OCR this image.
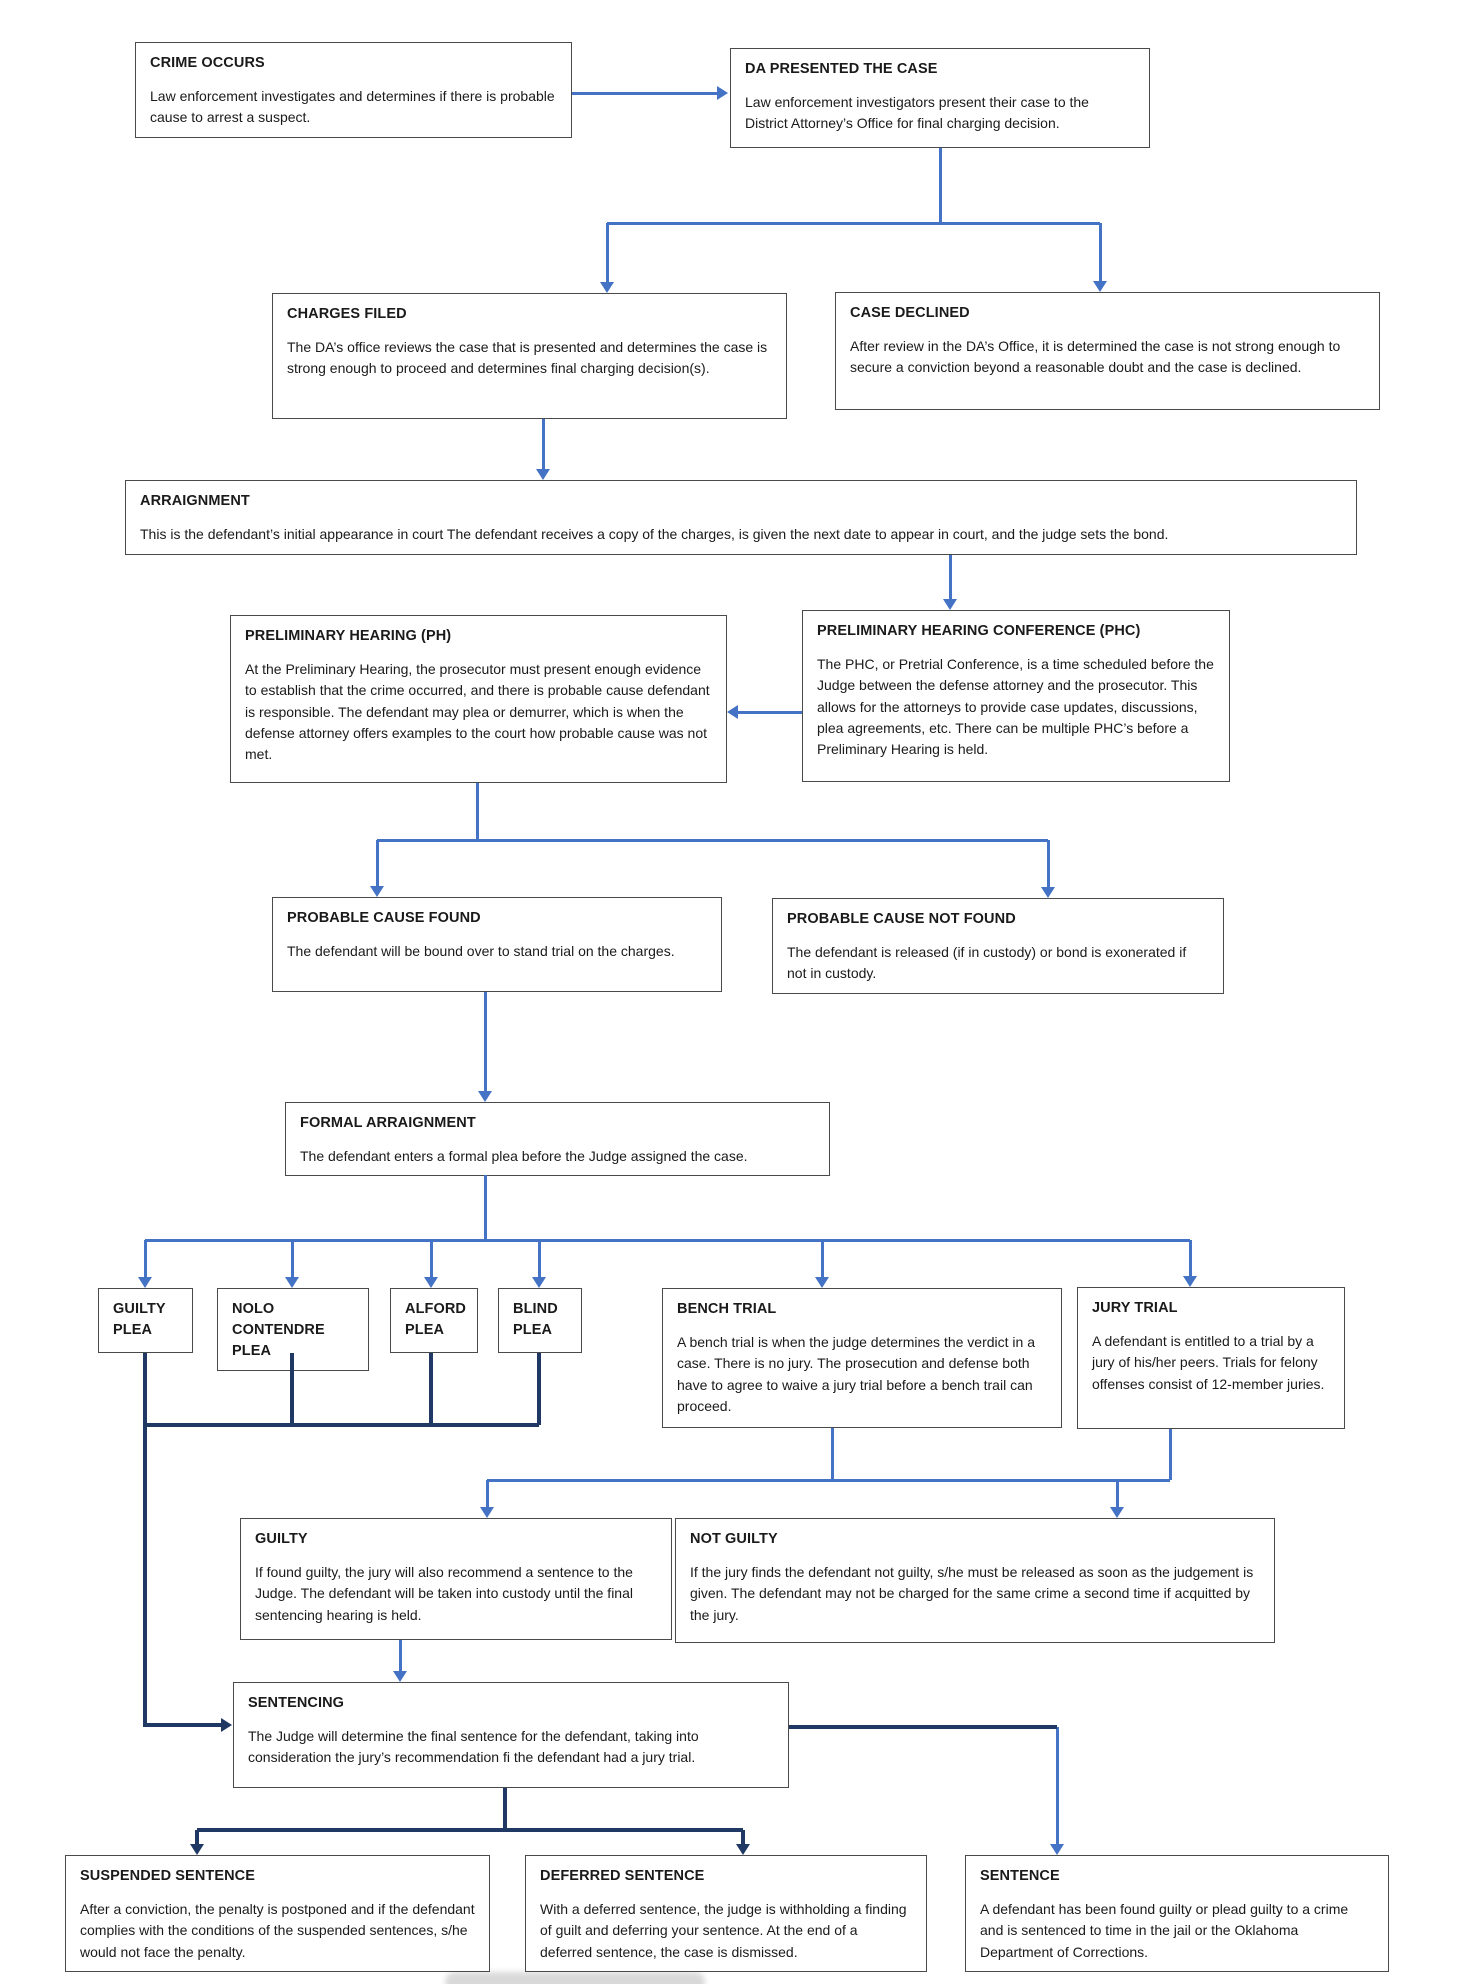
CRIME OCCURS
Law enforcement investigates and determines if there is probable cause to arrest a suspect.
DA PRESENTED THE CASE
Law enforcement investigators present their case to the District Attorney’s Office for final charging decision.
CHARGES FILED
The DA’s office reviews the case that is presented and determines the case is strong enough to proceed and determines final charging decision(s).
CASE DECLINED
After review in the DA’s Office, it is determined the case is not strong enough to secure a conviction beyond a reasonable doubt and the case is declined.
ARRAIGNMENT
This is the defendant’s initial appearance in court The defendant receives a copy of the charges, is given the next date to appear in court, and the judge sets the bond.
PRELIMINARY HEARING (PH)
At the Preliminary Hearing, the prosecutor must present enough evidence to establish that the crime occurred, and there is probable cause defendant is responsible. The defendant may plea or demurrer, which is when the defense attorney offers examples to the court how probable cause was not met.
PRELIMINARY HEARING CONFERENCE (PHC)
The PHC, or Pretrial Conference, is a time scheduled before the Judge between the defense attorney and the prosecutor. This allows for the attorneys to provide case updates, discussions, plea agreements, etc. There can be multiple PHC’s before a Preliminary Hearing is held.
PROBABLE CAUSE FOUND
The defendant will be bound over to stand trial on the charges.
PROBABLE CAUSE NOT FOUND
The defendant is released (if in custody) or bond is exonerated if not in custody.
FORMAL ARRAIGNMENT
The defendant enters a formal plea before the Judge assigned the case.
GUILTY PLEA
NOLO CONTENDRE PLEA
ALFORD PLEA
BLIND PLEA
BENCH TRIAL
A bench trial is when the judge determines the verdict in a case. There is no jury. The prosecution and defense both have to agree to waive a jury trial before a bench trail can proceed.
JURY TRIAL
A defendant is entitled to a trial by a jury of his/her peers. Trials for felony offenses consist of 12-member juries.
GUILTY
If found guilty, the jury will also recommend a sentence to the Judge. The defendant will be taken into custody until the final sentencing hearing is held.
NOT GUILTY
If the jury finds the defendant not guilty, s/he must be released as soon as the judgement is given. The defendant may not be charged for the same crime a second time if acquitted by the jury.
SENTENCING
The Judge will determine the final sentence for the defendant, taking into consideration the jury’s recommendation fi the defendant had a jury trial.
SUSPENDED SENTENCE
After a conviction, the penalty is postponed and if the defendant complies with the conditions of the suspended sentences, s/he would not face the penalty.
DEFERRED SENTENCE
With a deferred sentence, the judge is withholding a finding of guilt and deferring your sentence. At the end of a deferred sentence, the case is dismissed.
SENTENCE
A defendant has been found guilty or plead guilty to a crime and is sentenced to time in the jail or the Oklahoma Department of Corrections.
